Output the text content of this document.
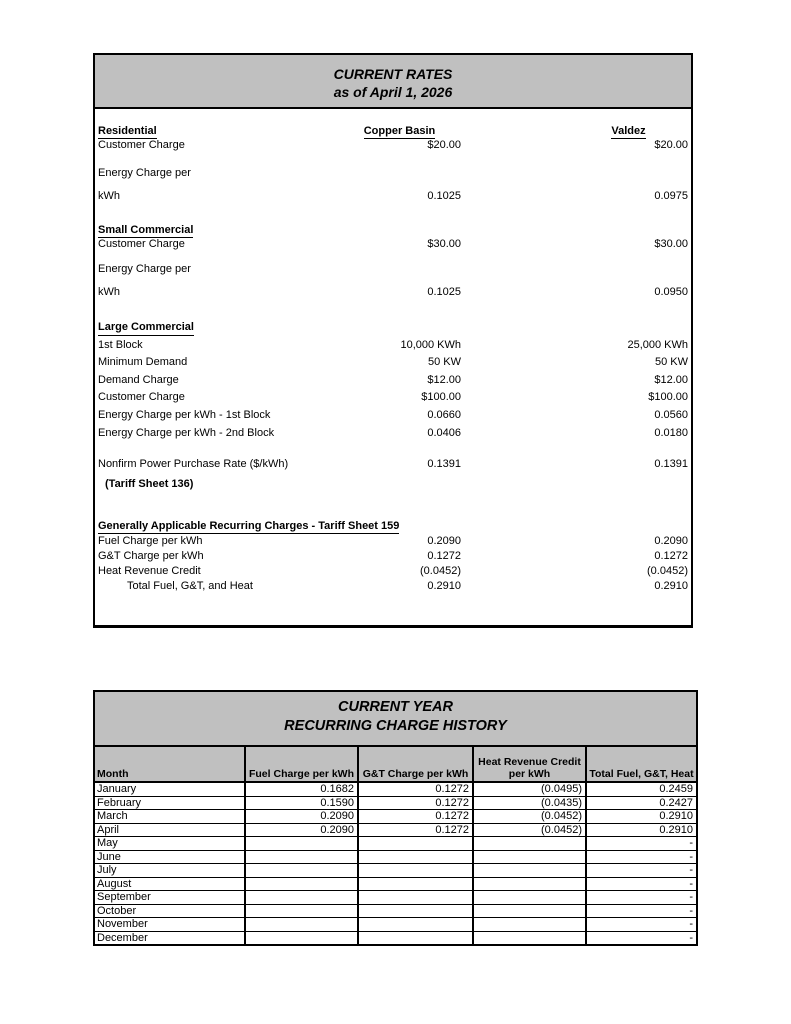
CURRENT RATES
as of April 1, 2026
Residential	Copper Basin	Valdez
Customer Charge	$20.00	$20.00
Energy Charge per
kWh	0.1025	0.0975
Small Commercial
Customer Charge	$30.00	$30.00
Energy Charge per
kWh	0.1025	0.0950
Large Commercial
1st Block	10,000 KWh	25,000 KWh
Minimum Demand	50 KW	50 KW
Demand Charge	$12.00	$12.00
Customer Charge	$100.00	$100.00
Energy Charge per kWh - 1st Block	0.0660	0.0560
Energy Charge per kWh - 2nd Block	0.0406	0.0180
Nonfirm Power Purchase Rate ($/kWh)	0.1391	0.1391
(Tariff Sheet 136)
Generally Applicable Recurring Charges - Tariff Sheet 159
Fuel Charge per kWh	0.2090	0.2090
G&T Charge per kWh	0.1272	0.1272
Heat Revenue Credit	(0.0452)	(0.0452)
Total Fuel, G&T, and Heat	0.2910	0.2910
CURRENT YEAR
RECURRING CHARGE HISTORY				

Month	Fuel Charge per kWh	G&T Charge per kWh	Heat Revenue Credit per kWh	Total Fuel, G&T, Heat
January	0.1682	0.1272	(0.0495)	0.2459
February	0.1590	0.1272	(0.0435)	0.2427
March	0.2090	0.1272	(0.0452)	0.2910
April	0.2090	0.1272	(0.0452)	0.2910
May				-
June				-
July				-
August				-
September				-
October				-
November				-
December				-
